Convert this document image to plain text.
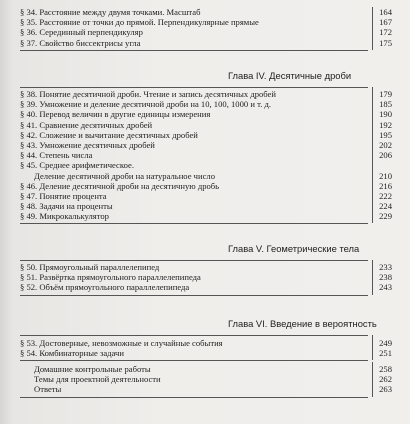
§ 34. Расстояние между двумя точками. Масштаб	164
§ 35. Расстояние от точки до прямой. Перпендикулярные прямые	167
§ 36. Серединный перпендикуляр	172
§ 37. Свойство биссектрисы угла	175
Глава IV. Десятичные дроби
§ 38. Понятие десятичной дроби. Чтение и запись десятичных дробей	179
§ 39. Умножение и деление десятичной дроби на 10, 100, 1000 и т. д.	185
§ 40. Перевод величин в другие единицы измерения	190
§ 41. Сравнение десятичных дробей	192
§ 42. Сложение и вычитание десятичных дробей	195
§ 43. Умножение десятичных дробей	202
§ 44. Степень числа	206
§ 45. Среднее арифметическое.
Деление десятичной дроби на натуральное число	210
§ 46. Деление десятичной дроби на десятичную дробь	216
§ 47. Понятие процента	222
§ 48. Задачи на проценты	224
§ 49. Микрокалькулятор	229
Глава V. Геометрические тела
§ 50. Прямоугольный параллелепипед	233
§ 51. Развёртка прямоугольного параллелепипеда	238
§ 52. Объём прямоугольного параллелепипеда	243
Глава VI. Введение в вероятность
§ 53. Достоверные, невозможные и случайные события	249
§ 54. Комбинаторные задачи	251
Домашние контрольные работы	258
Темы для проектной деятельности	262
Ответы	263
